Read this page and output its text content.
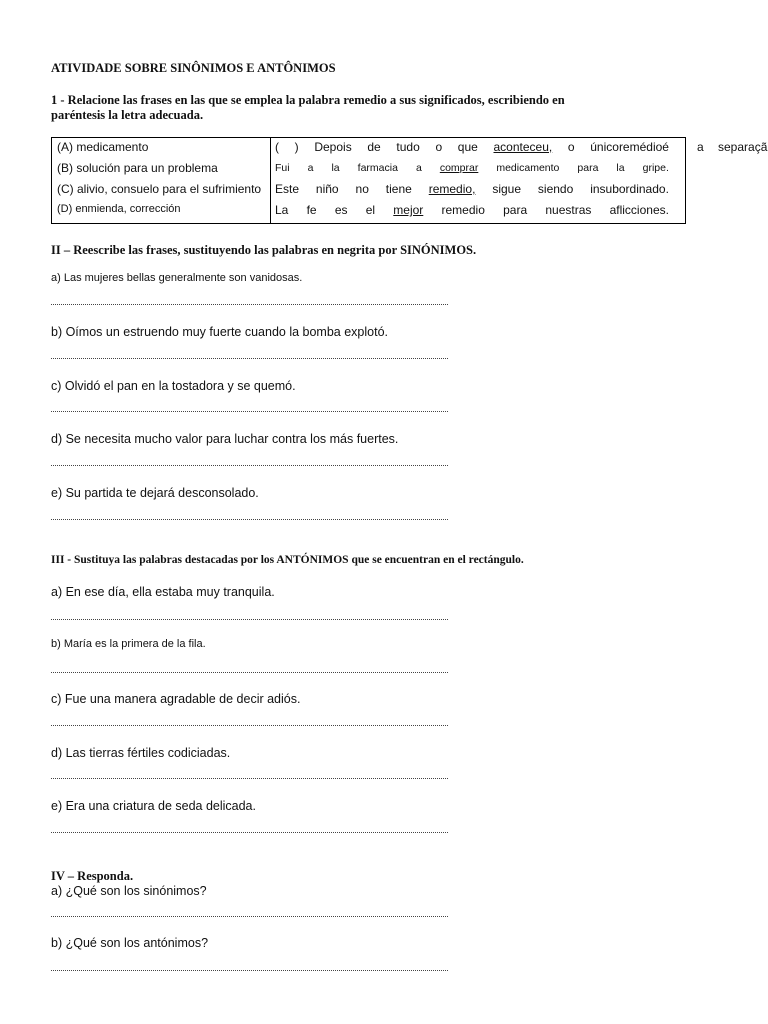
ATIVIDADE SOBRE SINÔNIMOS E ANTÔNIMOS
1 - Relacione las frases en las que se emplea la palabra remedio a sus significados, escribiendo en
paréntesis la letra adecuada.
(A) medicamento
(B) solución para un problema
(C) alivio, consuelo para el sufrimiento
(D) enmienda, corrección
( ) Depois de tudo o que aconteceu, o únicoremédioé a separaçã
Fui a la farmacia a comprar medicamento para la gripe.
Este niño no tiene remedio, sigue siendo insubordinado.
La fe es el mejor remedio para nuestras aflicciones.
II – Reescribe las frases, sustituyendo las palabras en negrita por SINÓNIMOS.
a) Las mujeres bellas generalmente son vanidosas.
b) Oímos un estruendo muy fuerte cuando la bomba explotó.
c) Olvidó el pan en la tostadora y se quemó.
d) Se necesita mucho valor para luchar contra los más fuertes.
e) Su partida te dejará desconsolado.
III - Sustituya las palabras destacadas por los ANTÓNIMOS que se encuentran en el rectángulo.
a) En ese día, ella estaba muy tranquila.
b) María es la primera de la fila.
c) Fue una manera agradable de decir adiós.
d) Las tierras fértiles codiciadas.
e) Era una criatura de seda delicada.
IV – Responda.
a) ¿Qué son los sinónimos?
b) ¿Qué son los antónimos?
